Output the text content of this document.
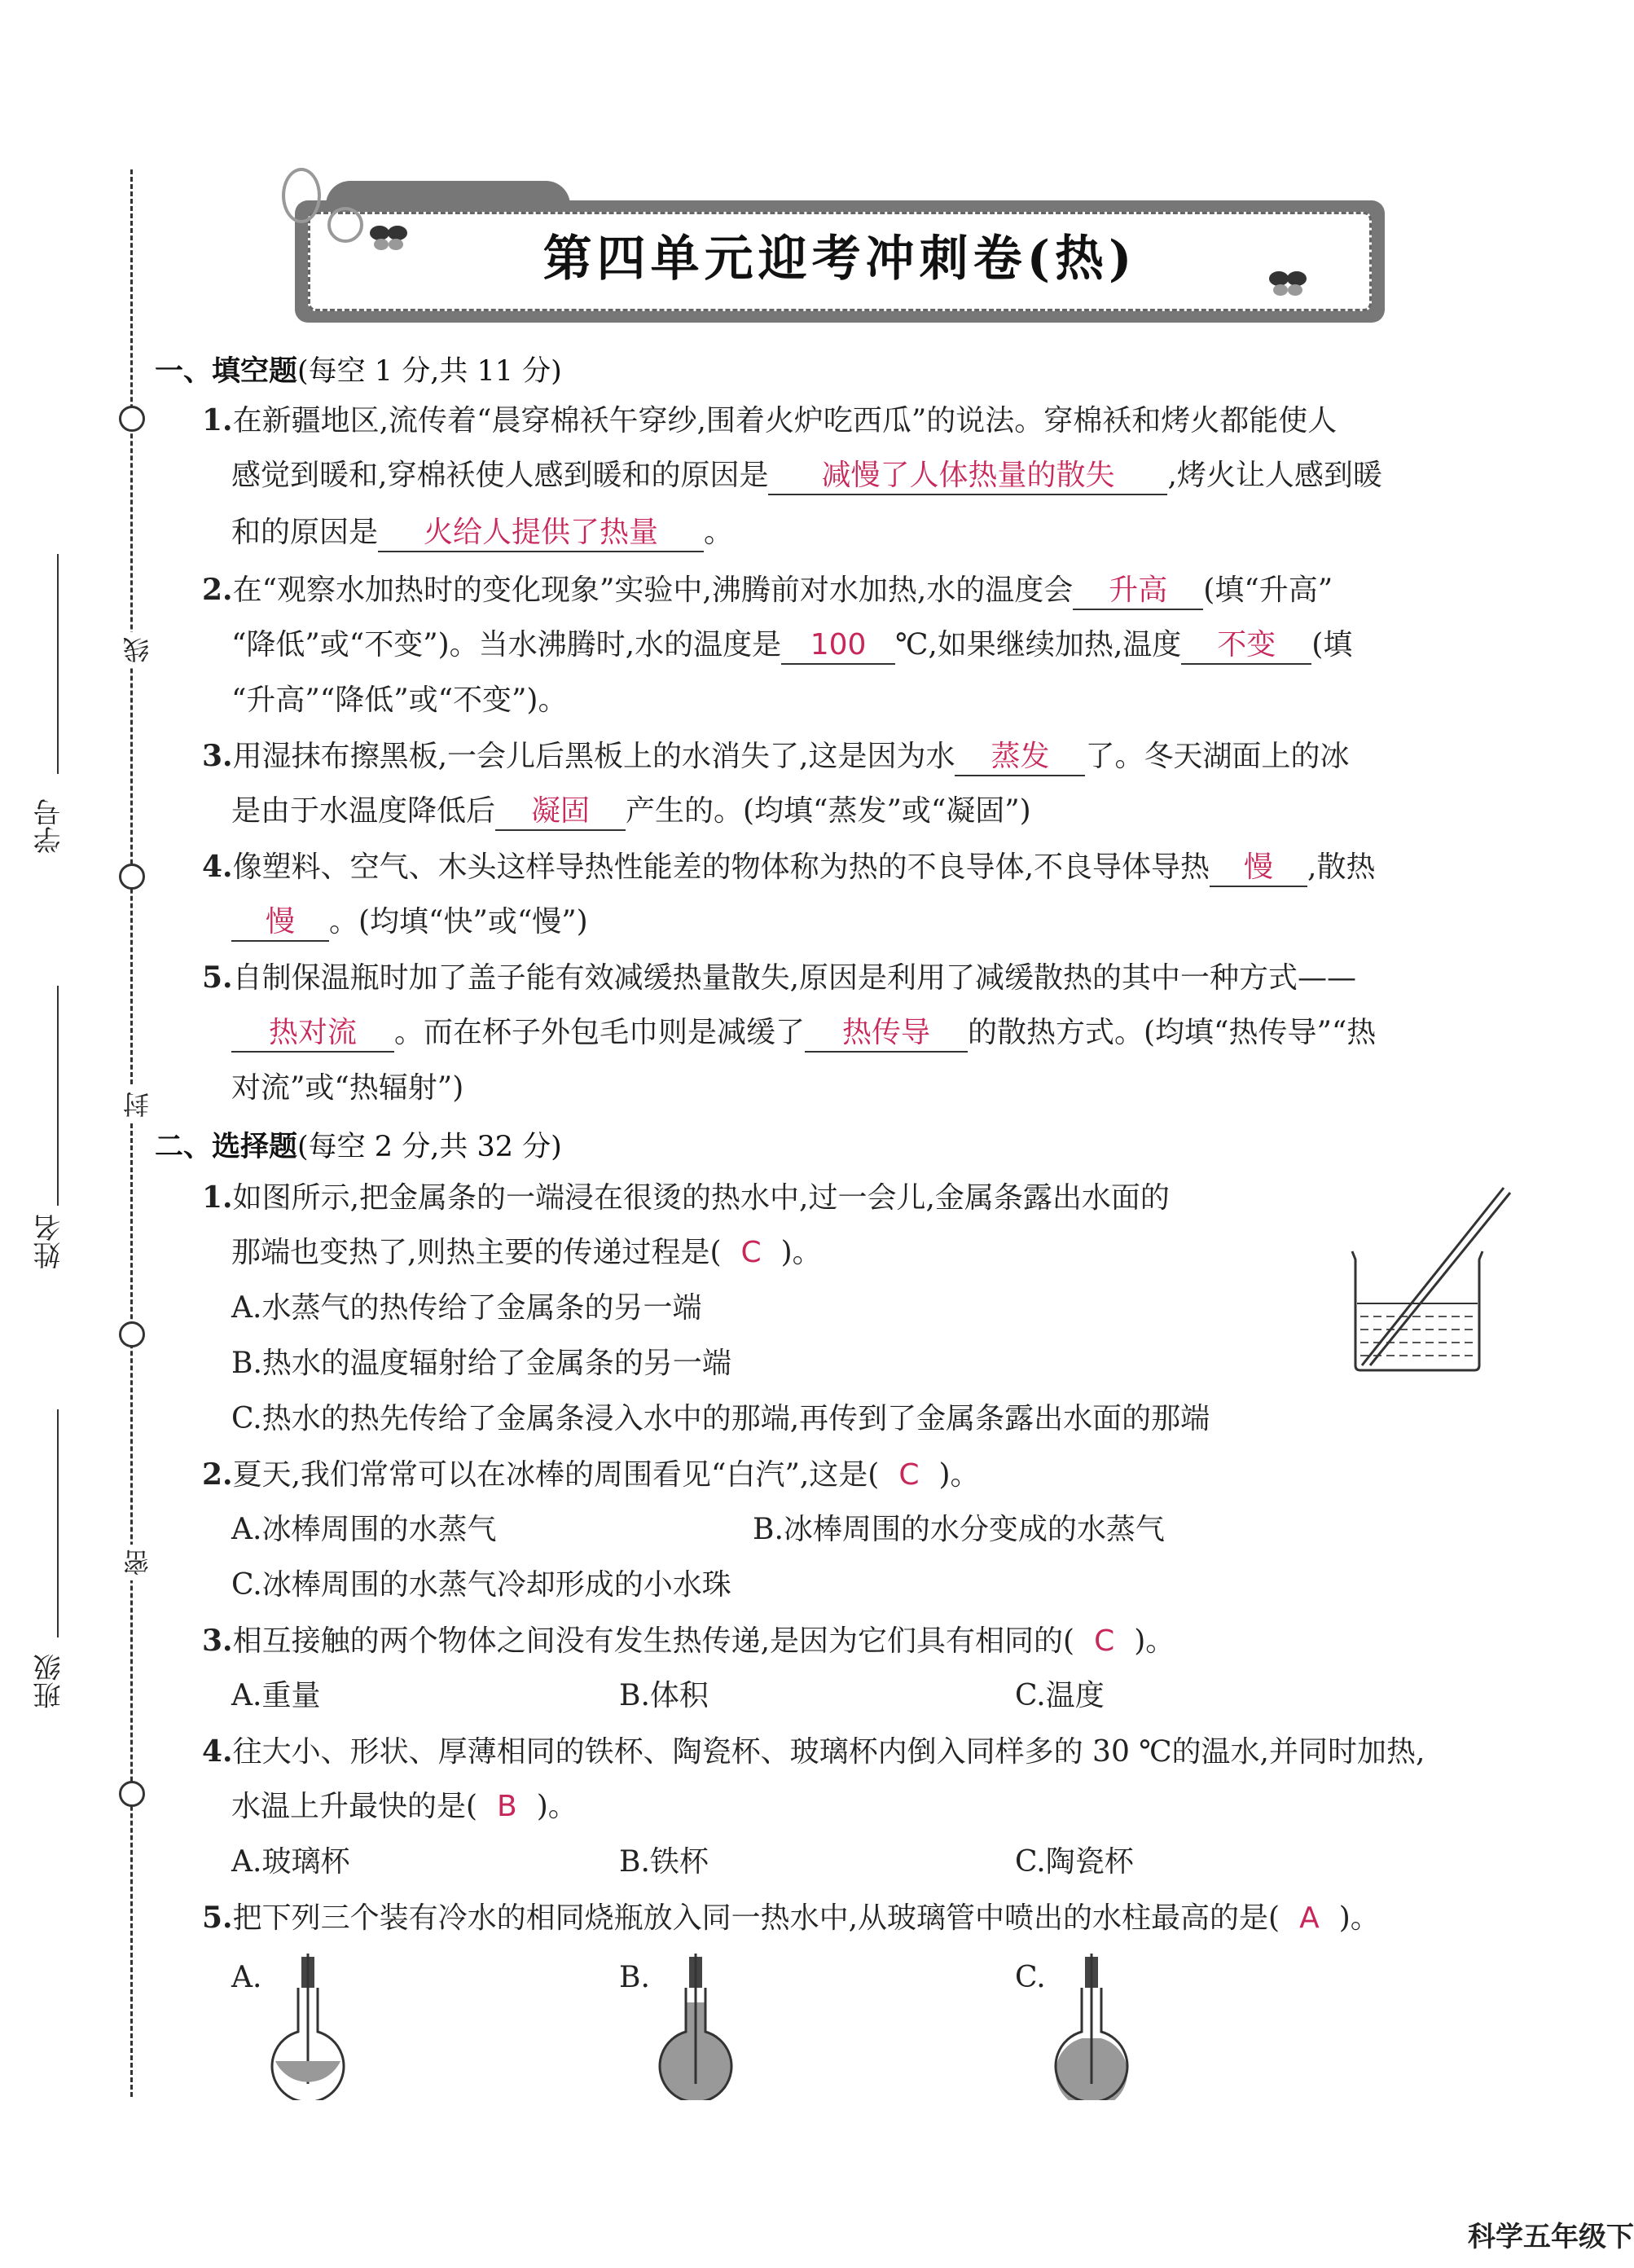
线
封
密
学号
姓名
班级
第四单元迎考冲刺卷(热)
一、填空题(每空 1 分,共 11 分)
1.在新疆地区,流传着“晨穿棉袄午穿纱,围着火炉吃西瓜”的说法。穿棉袄和烤火都能使人
感觉到暖和,穿棉袄使人感到暖和的原因是 减慢了人体热量的散失 ,烤火让人感到暖
和的原因是 火给人提供了热量 。
2.在“观察水加热时的变化现象”实验中,沸腾前对水加热,水的温度会 升高 (填“升高”
“降低”或“不变”)。当水沸腾时,水的温度是 100 ℃,如果继续加热,温度 不变 (填
“升高”“降低”或“不变”)。
3.用湿抹布擦黑板,一会儿后黑板上的水消失了,这是因为水 蒸发 了。冬天湖面上的冰
是由于水温度降低后 凝固 产生的。(均填“蒸发”或“凝固”)
4.像塑料、空气、木头这样导热性能差的物体称为热的不良导体,不良导体导热 慢 ,散热
慢 。(均填“快”或“慢”)
5.自制保温瓶时加了盖子能有效减缓热量散失,原因是利用了减缓散热的其中一种方式——
热对流 。而在杯子外包毛巾则是减缓了 热传导 的散热方式。(均填“热传导”“热
对流”或“热辐射”)
二、选择题(每空 2 分,共 32 分)
1.如图所示,把金属条的一端浸在很烫的热水中,过一会儿,金属条露出水面的
那端也变热了,则热主要的传递过程是( C )。
A.水蒸气的热传给了金属条的另一端
B.热水的温度辐射给了金属条的另一端
C.热水的热先传给了金属条浸入水中的那端,再传到了金属条露出水面的那端
2.夏天,我们常常可以在冰棒的周围看见“白汽”,这是( C )。
A.冰棒周围的水蒸气	B.冰棒周围的水分变成的水蒸气
C.冰棒周围的水蒸气冷却形成的小水珠
3.相互接触的两个物体之间没有发生热传递,是因为它们具有相同的( C )。
A.重量	B.体积	C.温度
4.往大小、形状、厚薄相同的铁杯、陶瓷杯、玻璃杯内倒入同样多的 30 ℃的温水,并同时加热,
水温上升最快的是( B )。
A.玻璃杯	B.铁杯	C.陶瓷杯
5.把下列三个装有冷水的相同烧瓶放入同一热水中,从玻璃管中喷出的水柱最高的是( A )。
A.	B.	C.
科学五年级下
